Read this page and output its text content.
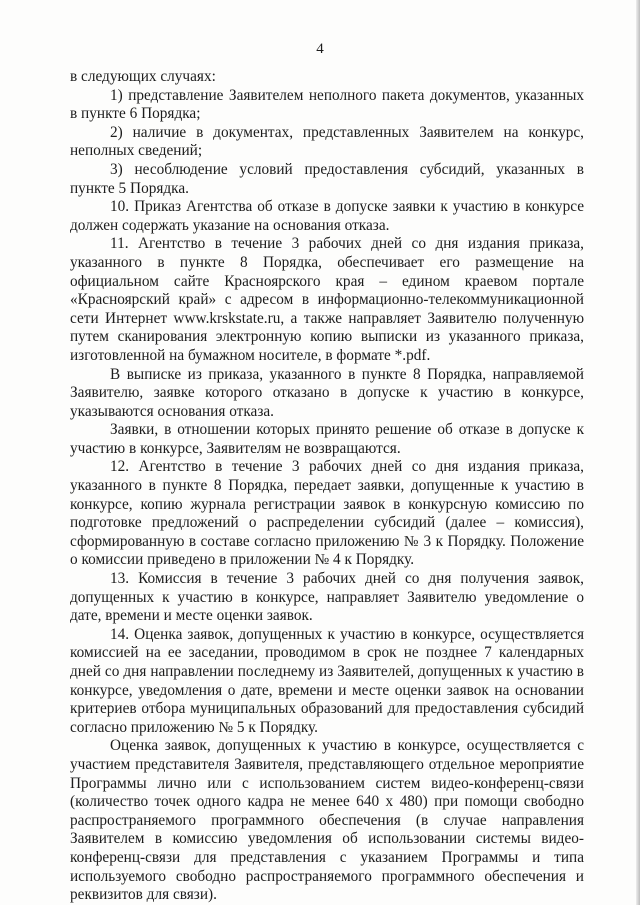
4

в следующих случаях:

1) представление Заявителем неполного пакета документов, указанных в пункте 6 Порядка;

2) наличие в документах, представленных Заявителем на конкурс, неполных сведений;

3) несоблюдение условий предоставления субсидий, указанных в пункте 5 Порядка.

10. Приказ Агентства об отказе в допуске заявки к участию в конкурсе должен содержать указание на основания отказа.

11. Агентство в течение 3 рабочих дней со дня издания приказа, указанного в пункте 8 Порядка, обеспечивает его размещение на официальном сайте Красноярского края – едином краевом портале «Красноярский край» с адресом в информационно-телекоммуникационной сети Интернет www.krskstate.ru, а также направляет Заявителю полученную путем сканирования электронную копию выписки из указанного приказа, изготовленной на бумажном носителе, в формате *.pdf.

В выписке из приказа, указанного в пункте 8 Порядка, направляемой Заявителю, заявке которого отказано в допуске к участию в конкурсе, указываются основания отказа.

Заявки, в отношении которых принято решение об отказе в допуске к участию в конкурсе, Заявителям не возвращаются.

12. Агентство в течение 3 рабочих дней со дня издания приказа, указанного в пункте 8 Порядка, передает заявки, допущенные к участию в конкурсе, копию журнала регистрации заявок в конкурсную комиссию по подготовке предложений о распределении субсидий (далее – комиссия), сформированную в составе согласно приложению № 3 к Порядку. Положение о комиссии приведено в приложении № 4 к Порядку.

13. Комиссия в течение 3 рабочих дней со дня получения заявок, допущенных к участию в конкурсе, направляет Заявителю уведомление о дате, времени и месте оценки заявок.

14. Оценка заявок, допущенных к участию в конкурсе, осуществляется комиссией на ее заседании, проводимом в срок не позднее 7 календарных дней со дня направлении последнему из Заявителей, допущенных к участию в конкурсе, уведомления о дате, времени и месте оценки заявок на основании критериев отбора муниципальных образований для предоставления субсидий согласно приложению № 5 к Порядку.

Оценка заявок, допущенных к участию в конкурсе, осуществляется с участием представителя Заявителя, представляющего отдельное мероприятие Программы лично или с использованием систем видео-конференц-связи (количество точек одного кадра не менее 640 x 480) при помощи свободно распространяемого программного обеспечения (в случае направления Заявителем в комиссию уведомления об использовании системы видео-конференц-связи для представления с указанием Программы и типа используемого свободно распространяемого программного обеспечения и реквизитов для связи).
